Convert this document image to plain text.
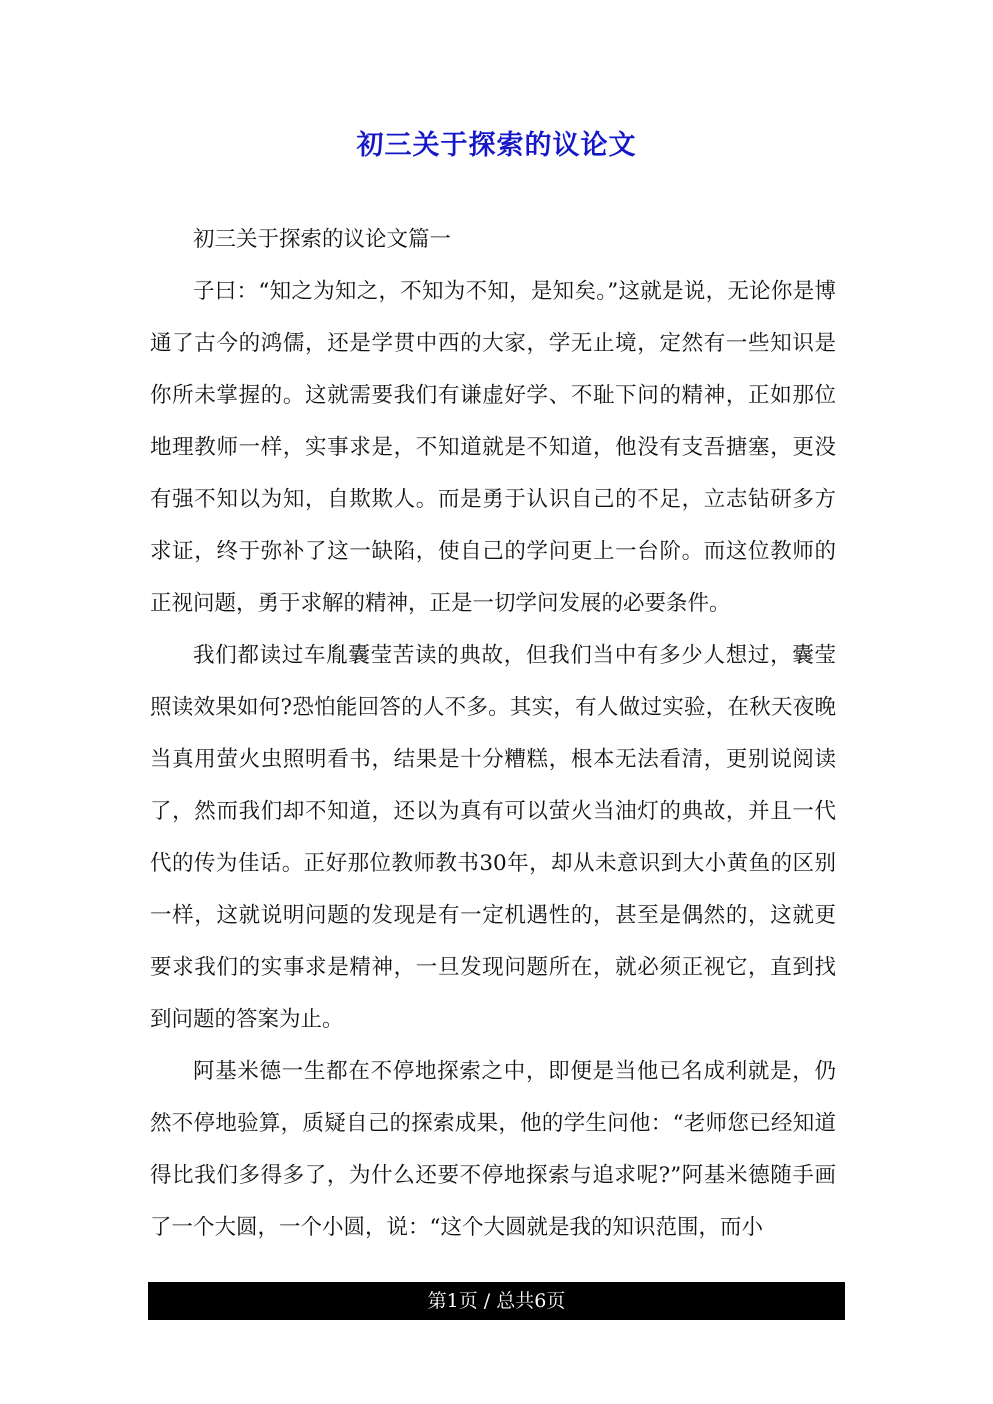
初三关于探索的议论文

初三关于探索的议论文篇一

子曰：“知之为知之，不知为不知，是知矣。”这就是说，无论你是博通了古今的鸿儒，还是学贯中西的大家，学无止境，定然有一些知识是你所未掌握的。这就需要我们有谦虚好学、不耻下问的精神，正如那位地理教师一样，实事求是，不知道就是不知道，他没有支吾搪塞，更没有强不知以为知，自欺欺人。而是勇于认识自己的不足，立志钻研多方求证，终于弥补了这一缺陷，使自己的学问更上一台阶。而这位教师的正视问题，勇于求解的精神，正是一切学问发展的必要条件。

我们都读过车胤囊莹苦读的典故，但我们当中有多少人想过，囊莹照读效果如何?恐怕能回答的人不多。其实，有人做过实验，在秋天夜晚当真用萤火虫照明看书，结果是十分糟糕，根本无法看清，更别说阅读了，然而我们却不知道，还以为真有可以萤火当油灯的典故，并且一代代的传为佳话。正好那位教师教书30年，却从未意识到大小黄鱼的区别一样，这就说明问题的发现是有一定机遇性的，甚至是偶然的，这就更要求我们的实事求是精神，一旦发现问题所在，就必须正视它，直到找到问题的答案为止。

阿基米德一生都在不停地探索之中，即便是当他已名成利就是，仍然不停地验算，质疑自己的探索成果，他的学生问他：“老师您已经知道得比我们多得多了，为什么还要不停地探索与追求呢?”阿基米德随手画了一个大圆，一个小圆，说：“这个大圆就是我的知识范围，而小

第1页 / 总共6页
